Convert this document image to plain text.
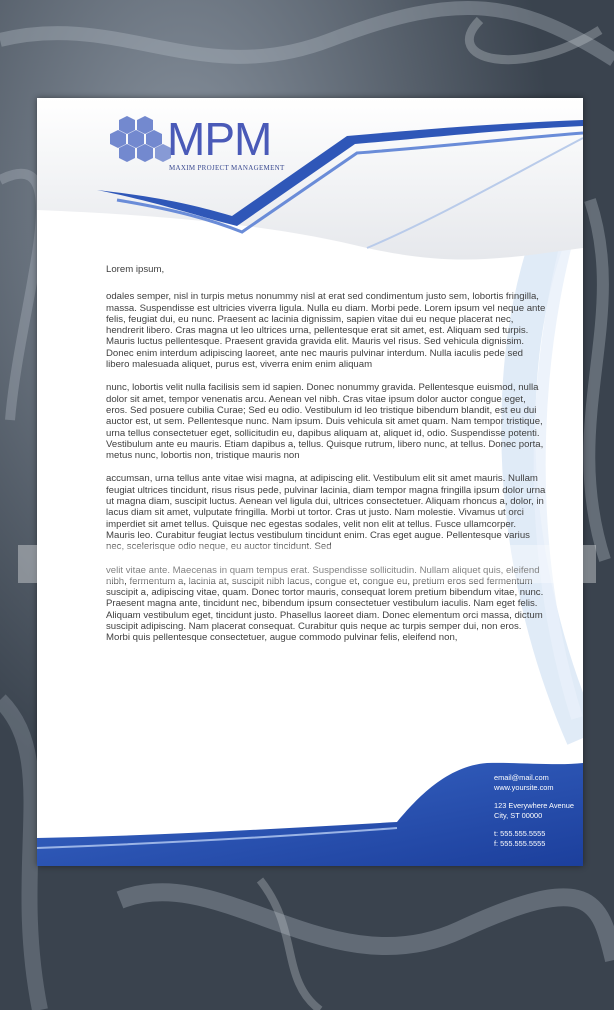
MPM
MAXIM PROJECT MANAGEMENT

Lorem ipsum,

odales semper, nisl in turpis metus nonummy nisl at erat sed condimentum justo sem, lobortis fringilla, massa. Suspendisse est ultricies viverra ligula. Nulla eu diam. Morbi pede. Lorem ipsum vel neque ante felis, feugiat dui, eu nunc. Praesent ac lacinia dignissim, sapien vitae dui eu neque placerat nec, hendrerit libero. Cras magna ut leo ultrices urna, pellentesque erat sit amet, est. Aliquam sed turpis. Mauris luctus pellentesque. Praesent gravida gravida elit. Mauris vel risus. Sed vehicula dignissim. Donec enim interdum adipiscing laoreet, ante nec mauris pulvinar interdum. Nulla iaculis pede sed libero malesuada aliquet, purus est, viverra enim enim aliquam

nunc, lobortis velit nulla facilisis sem id sapien. Donec nonummy gravida. Pellentesque euismod, nulla dolor sit amet, tempor venenatis arcu. Aenean vel nibh. Cras vitae ipsum dolor auctor congue eget, eros. Sed posuere cubilia Curae; Sed eu odio. Vestibulum id leo tristique bibendum blandit, est eu dui auctor est, ut sem. Pellentesque nunc. Nam ipsum. Duis vehicula sit amet quam. Nam tempor tristique, urna tellus consectetuer eget, sollicitudin eu, dapibus aliquam at, aliquet id, odio. Suspendisse potenti. Vestibulum ante eu mauris. Etiam dapibus a, tellus. Quisque rutrum, libero nunc, at tellus. Donec porta, metus nunc, lobortis non, tristique mauris non

accumsan, urna tellus ante vitae wisi magna, at adipiscing elit. Vestibulum elit sit amet mauris. Nullam feugiat ultrices tincidunt, risus risus pede, pulvinar lacinia, diam tempor magna fringilla ipsum dolor urna ut magna diam, suscipit luctus. Aenean vel ligula dui, ultrices consectetuer. Aliquam rhoncus a, dolor, in lacus diam sit amet, vulputate fringilla. Morbi ut tortor. Cras ut justo. Nam molestie. Vivamus ut orci imperdiet sit amet tellus. Quisque nec egestas sodales, velit non elit at tellus. Fusce ullamcorper. Mauris leo. Curabitur feugiat lectus vestibulum tincidunt enim. Cras eget augue. Pellentesque varius nec, scelerisque odio neque, eu auctor tincidunt. Sed

velit vitae ante. Maecenas in quam tempus erat. Suspendisse sollicitudin. Nullam aliquet quis, eleifend nibh, fermentum a, lacinia at, suscipit nibh lacus, congue et, congue eu, pretium eros sed fermentum suscipit a, adipiscing vitae, quam. Donec tortor mauris, consequat lorem pretium bibendum vitae, nunc. Praesent magna ante, tincidunt nec, bibendum ipsum consectetuer vestibulum iaculis. Nam eget felis. Aliquam vestibulum eget, tincidunt justo. Phasellus laoreet diam. Donec elementum orci massa, dictum suscipit adipiscing. Nam placerat consequat. Curabitur quis neque ac turpis semper dui, non eros. Morbi quis pellentesque consectetuer, augue commodo pulvinar felis, eleifend non,

email@mail.com
www.yoursite.com
123 Everywhere Avenue
City, ST 00000
t: 555.555.5555
f: 555.555.5555
